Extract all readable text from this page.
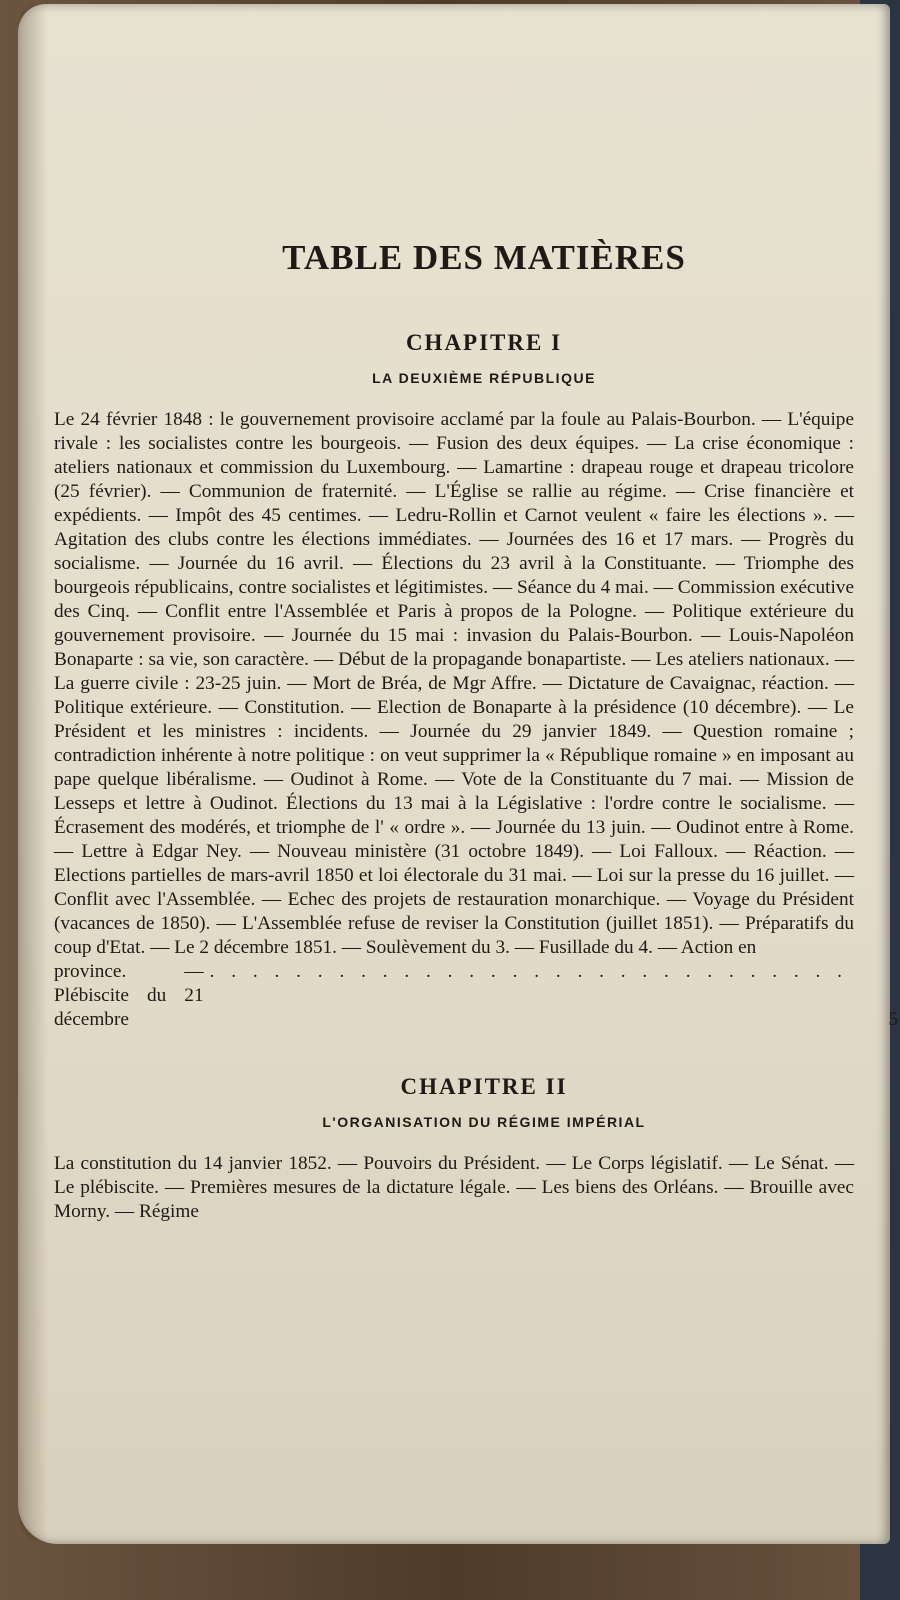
TABLE DES MATIÈRES
CHAPITRE I
LA DEUXIÈME RÉPUBLIQUE

Le 24 février 1848 : le gouvernement provisoire acclamé par la foule au Palais-Bourbon. — L'équipe rivale : les socialistes contre les bourgeois. — Fusion des deux équipes. — La crise économique : ateliers nationaux et commission du Luxembourg. — Lamartine : drapeau rouge et drapeau tricolore (25 février). — Communion de fraternité. — L'Église se rallie au régime. — Crise financière et expédients. — Impôt des 45 centimes. — Ledru-Rollin et Carnot veulent « faire les élections ». — Agitation des clubs contre les élections immédiates. — Journées des 16 et 17 mars. — Progrès du socialisme. — Journée du 16 avril. — Élections du 23 avril à la Constituante. — Triomphe des bourgeois républicains, contre socialistes et légitimistes. — Séance du 4 mai. — Commission exécutive des Cinq. — Conflit entre l'Assemblée et Paris à propos de la Pologne. — Politique extérieure du gouvernement provisoire. — Journée du 15 mai : invasion du Palais-Bourbon. — Louis-Napoléon Bonaparte : sa vie, son caractère. — Début de la propagande bonapartiste. — Les ateliers nationaux. — La guerre civile : 23-25 juin. — Mort de Bréa, de Mgr Affre. — Dictature de Cavaignac, réaction. — Politique extérieure. — Constitution. — Election de Bonaparte à la présidence (10 décembre). — Le Président et les ministres : incidents. — Journée du 29 janvier 1849. — Question romaine ; contradiction inhérente à notre politique : on veut supprimer la « République romaine » en imposant au pape quelque libéralisme. — Oudinot à Rome. — Vote de la Constituante du 7 mai. — Mission de Lesseps et lettre à Oudinot. Élections du 13 mai à la Législative : l'ordre contre le socialisme. — Écrasement des modérés, et triomphe de l' « ordre ». — Journée du 13 juin. — Oudinot entre à Rome. — Lettre à Edgar Ney. — Nouveau ministère (31 octobre 1849). — Loi Falloux. — Réaction. — Elections partielles de mars-avril 1850 et loi électorale du 31 mai. — Loi sur la presse du 16 juillet. — Conflit avec l'Assemblée. — Echec des projets de restauration monarchique. — Voyage du Président (vacances de 1850). — L'Assemblée refuse de reviser la Constitution (juillet 1851). — Préparatifs du coup d'Etat. — Le 2 décembre 1851. — Soulèvement du 3. — Fusillade du 4. — Action en

province. — Plébiscite du 21 décembre
. . . . . . . . . . . . . . . . . . . . . . . . . . . . . .
5
CHAPITRE II
L'ORGANISATION DU RÉGIME IMPÉRIAL

La constitution du 14 janvier 1852. — Pouvoirs du Président. — Le Corps législatif. — Le Sénat. — Le plébiscite. — Premières mesures de la dictature légale. — Les biens des Orléans. — Brouille avec Morny. — Régime
